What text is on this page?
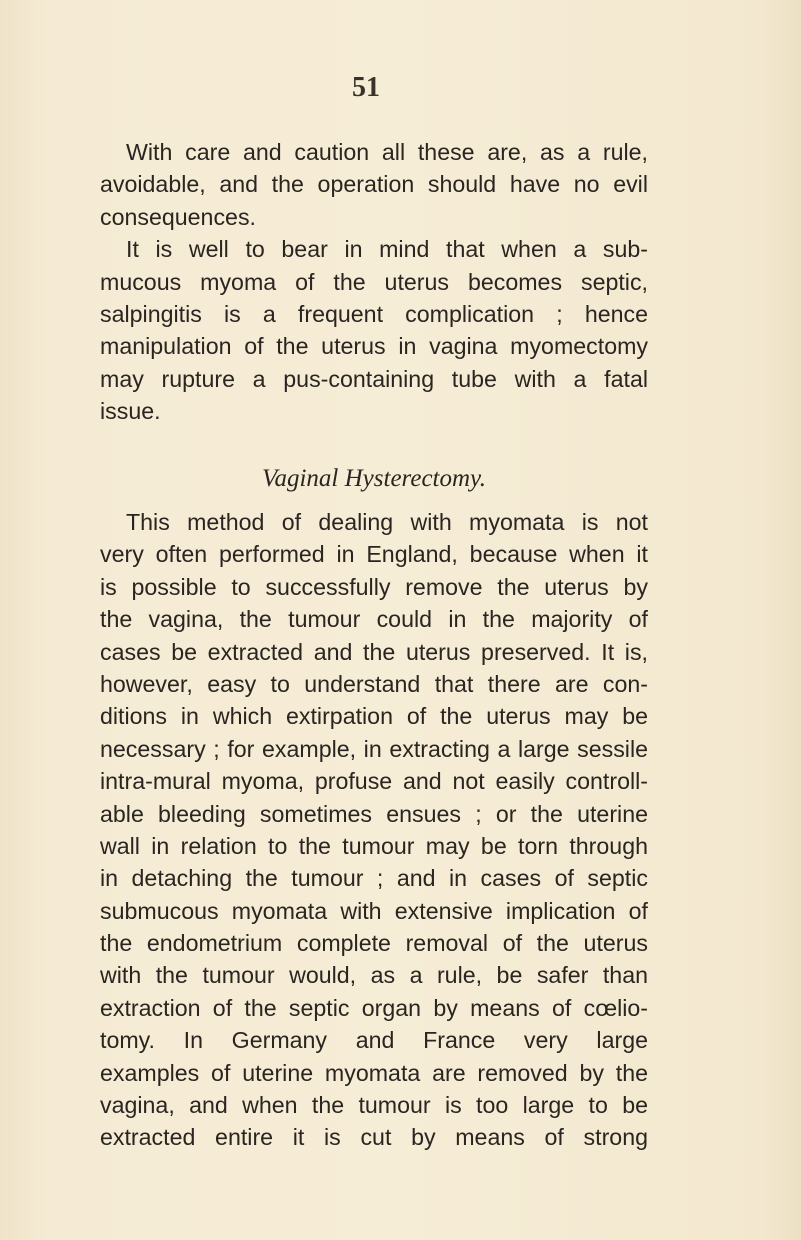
51
With care and caution all these are, as a rule,
avoidable, and the operation should have no evil
consequences.
It is well to bear in mind that when a sub-
mucous myoma of the uterus becomes septic,
salpingitis is a frequent complication ; hence
manipulation of the uterus in vagina myomectomy
may rupture a pus-containing tube with a fatal
issue.
Vaginal Hysterectomy.
This method of dealing with myomata is not
very often performed in England, because when it
is possible to successfully remove the uterus by
the vagina, the tumour could in the majority of
cases be extracted and the uterus preserved. It is,
however, easy to understand that there are con-
ditions in which extirpation of the uterus may be
necessary ; for example, in extracting a large sessile
intra-mural myoma, profuse and not easily controll-
able bleeding sometimes ensues ; or the uterine
wall in relation to the tumour may be torn through
in detaching the tumour ; and in cases of septic
submucous myomata with extensive implication of
the endometrium complete removal of the uterus
with the tumour would, as a rule, be safer than
extraction of the septic organ by means of cœlio-
tomy. In Germany and France very large
examples of uterine myomata are removed by the
vagina, and when the tumour is too large to be
extracted entire it is cut by means of strong
